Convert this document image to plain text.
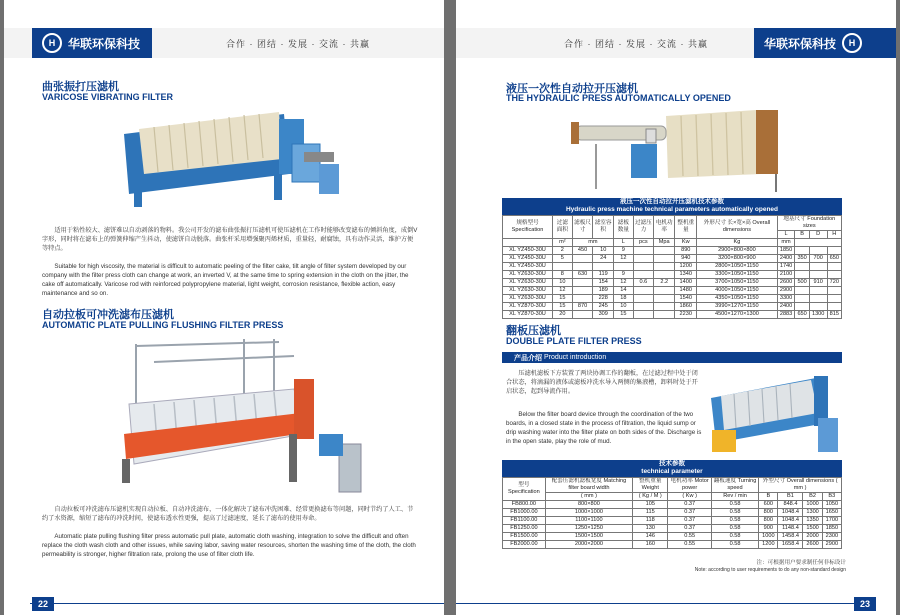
H	华联环保科技	合作 · 团结 · 发展 · 交流 · 共赢
曲张振打压滤机
VARICOSE VIBRATING FILTER
适用于粘性较大、滤饼难以自动剥落的物料。我公司开发的滤布曲张振打压滤机可使压滤机在工作时能够改变滤布的倾斜角度，成倒V字形，同时将在滤布上的弹簧伸缩产生抖动，使滤饼自动脱落。曲张杆采用增强聚丙烯材质，重量轻，耐腐蚀，具有动作灵活，维护方便等特点。
Suitable for high viscosity, the material is difficult to automatic peeling of the filter cake, tilt angle of filter system developed by our company with the filter press cloth can change at work, an inverted V, at the same time to spring extension in the cloth on the jitter, the cake off automatically. Varicose rod with reinforced polypropylene material, light weight, corrosion resistance, flexible action, easy maintenance and so on.
自动拉板可冲洗滤布压滤机
AUTOMATIC PLATE PULLING FLUSHING FILTER PRESS
自动拉板可冲洗滤布压滤机实现自动拉板、自动冲洗滤布，一体化解决了滤布冲洗困难、经常更换滤布等问题，同时节约了人工、节约了水资源，缩短了滤布的冲洗时间，使滤布透水性更强，提高了过滤速度，延长了滤布的使用寿命。
Automatic plate pulling flushing filter press automatic pull plate, automatic cloth washing, integration to solve the difficult and often replace the cloth wash cloth and other issues, while saving labor, saving water resources, shorten the washing time of the cloth, the cloth permeability is stronger, higher filtration rate, prolong the use of filter cloth life.
22
合作 · 团结 · 发展 · 交流 · 共赢	华联环保科技	H
液压一次性自动拉开压滤机
THE HYDRAULIC PRESS AUTOMATICALLY OPENED
液压一次性自动拉开压滤机技术参数
Hydraulic press machine technical parameters automatically opened
规格型号 Specification	过滤面积	滤板尺寸	滤室容积	滤板数量	过滤压力	电机功率	整机重量	外形尺寸 长×宽×高 Overall dimensions	地基尺寸 Foundation sizes			
									L	B	D	H
	m²	mm		L	pcs	Mpa	Kw	Kg	mm			
XL YZ450-30U	2	450	10	9			890	2900×800×800	1850			
XL YZ450-30U	5		24	12			940	3200×800×900	2400	350	700	650
XL YZ450-30U							1200	2800×1050×1150	1740			
XL YZ630-30U	8	630	119	9			1340	3300×1050×1150	2100			
XL YZ630-30U	10		154	12	0.6	2.2	1400	3700×1050×1150	2600	500	910	720
XL YZ630-30U	12		189	14			1480	4000×1050×1150	2900			
XL YZ630-30U	15		228	18			1540	4350×1050×1150	3300			
XL YZ870-30U	15	870	245	10			1860	3990×1270×1150	2400			
XL YZ870-30U	20		309	15			2230	4500×1270×1300	2883	650	1300	815
翻板压滤机
DOUBLE PLATE FILTER PRESS
产品介绍
Product introduction
压滤机滤板下方装置了两块协调工作的翻板，在过滤过程中处于闭合状态，将滴漏的液体或滤板冲洗水导入两侧的集液槽，卸料时处于开启状态，起到导流作用。
Below the filter board device through the coordination of the two boards, in a closed state in the process of filtration, the liquid sump or drip washing water into the filter plate on both sides of the. Discharge is in the open state, play the role of mud.
技术参数
technical parameter
型号 Specification	配套压滤机滤板宽度 Matching filter board width	整机重量 Weight	电机功率 Motor power	翻板速度 Turning speed	外型尺寸 Overall dimensions ( mm )			
	( mm )	( Kg / M )	( Kw )	Rev / min	B	B1	B2	B3
FB800.00	800×800	105	0.37	0.58	600	848.4	1000	1050
FB1000.00	1000×1000	115	0.37	0.58	800	1048.4	1300	1650
FB1100.00	1100×1100	118	0.37	0.58	800	1048.4	1350	1700
FB1250.00	1250×1250	130	0.37	0.58	900	1148.4	1500	1850
FB1500.00	1500×1500	146	0.55	0.58	1000	1458.4	2000	2300
FB2000.00	2000×2000	160	0.55	0.58	1200	1658.4	2600	2900
注：可根据用户要求制任何非标设计
Note: according to user requirements to do any non-standard design
23
